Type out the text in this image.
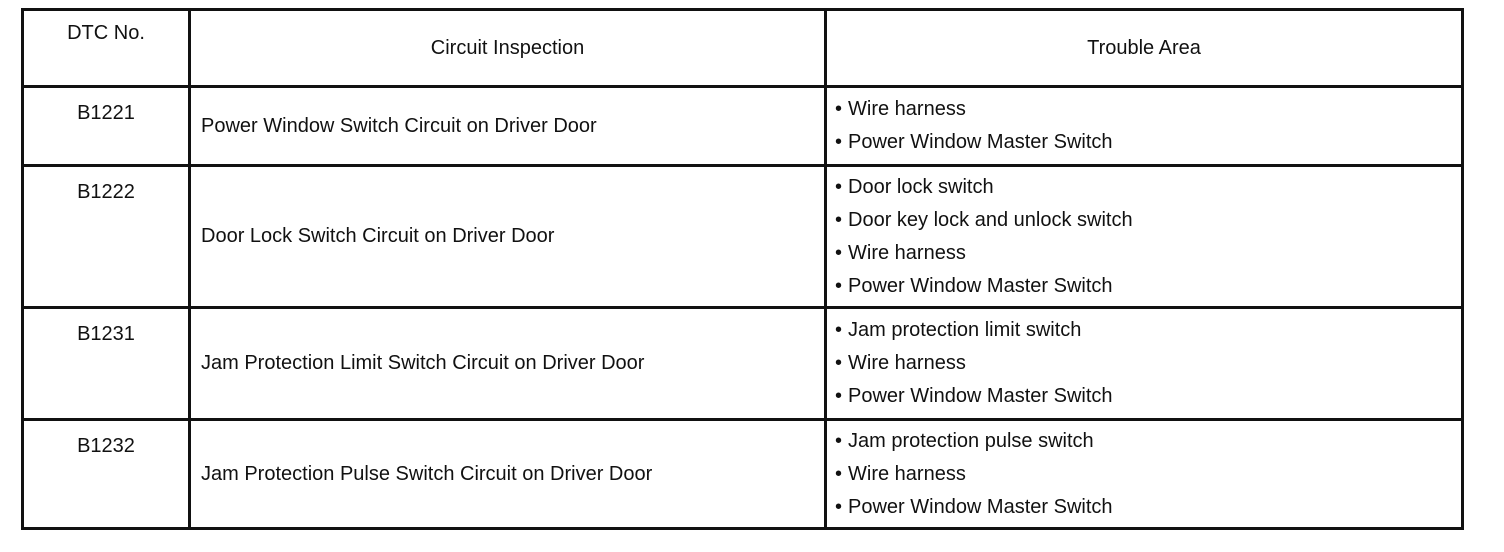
DTC No.	Circuit Inspection	Trouble Area

B1221	Power Window Switch Circuit on Driver Door	• Wire harness
• Power Window Master Switch

B1222	Door Lock Switch Circuit on Driver Door	• Door lock switch
• Door key lock and unlock switch
• Wire harness
• Power Window Master Switch

B1231	Jam Protection Limit Switch Circuit on Driver Door	• Jam protection limit switch
• Wire harness
• Power Window Master Switch

B1232	Jam Protection Pulse Switch Circuit on Driver Door	• Jam protection pulse switch
• Wire harness
• Power Window Master Switch
